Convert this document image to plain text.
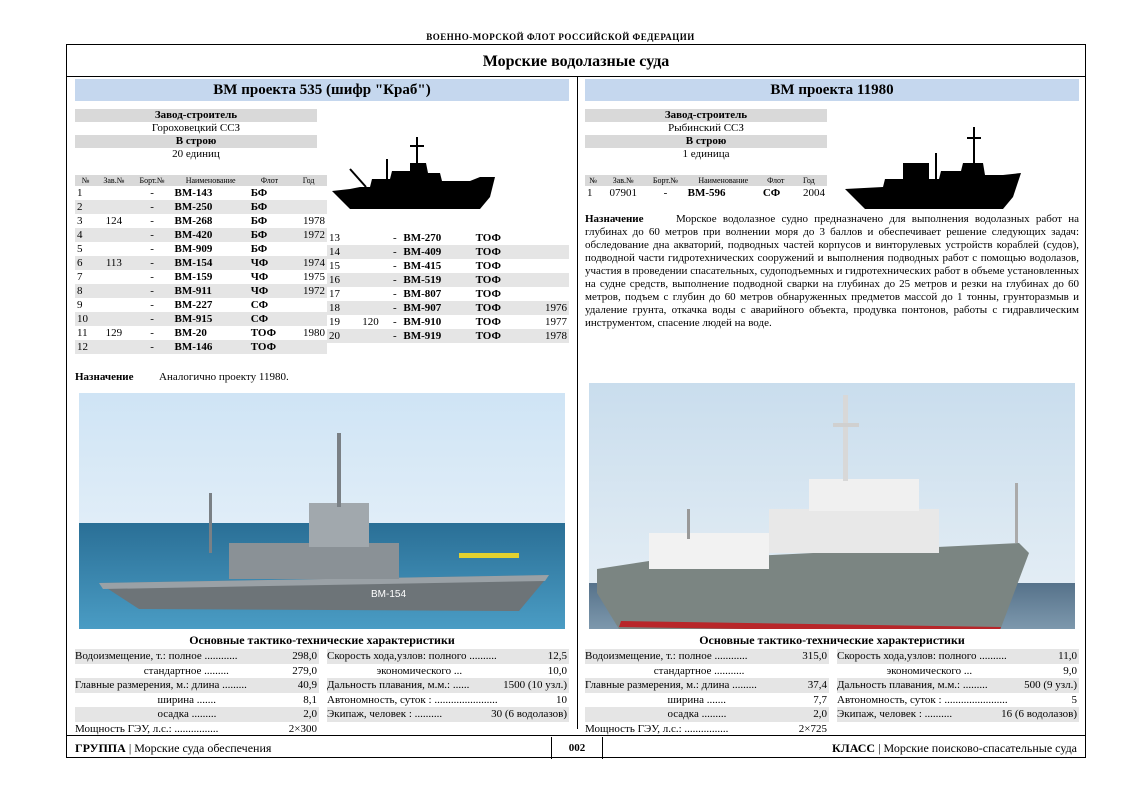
ВОЕННО-МОРСКОЙ ФЛОТ РОССИЙСКОЙ ФЕДЕРАЦИИ
Морские водолазные суда
ВМ проекта 535 (шифр "Краб")
Завод-строитель
Гороховецкий ССЗ
В строю
20 единиц
№	Зав.№	Борт.№	Наименование	Флот	Год
1		-	ВМ-143	БФ	
2		-	ВМ-250	БФ	
3	124	-	ВМ-268	БФ	1978
4		-	ВМ-420	БФ	1972
5		-	ВМ-909	БФ	
6	113	-	ВМ-154	ЧФ	1974
7		-	ВМ-159	ЧФ	1975
8		-	ВМ-911	ЧФ	1972
9		-	ВМ-227	СФ	
10		-	ВМ-915	СФ	
11	129	-	ВМ-20	ТОФ	1980
12		-	ВМ-146	ТОФ	
13		-	ВМ-270	ТОФ	
14		-	ВМ-409	ТОФ	
15		-	ВМ-415	ТОФ	
16		-	ВМ-519	ТОФ	
17		-	ВМ-807	ТОФ	
18		-	ВМ-907	ТОФ	1976
19	120	-	ВМ-910	ТОФ	1977
20		-	ВМ-919	ТОФ	1978
Назначение Аналогично проекту 11980.
ВМ-154
Основные тактико-технические характеристики
Водоизмещение, т.: полное ............	298,0
стандартное .........	279,0
Главные размерения, м.: длина .........	40,9
ширина .......	8,1
осадка .........	2,0
Мощность ГЭУ, л.с.: ................	2×300
Скорость хода,узлов: полного ..........	12,5
экономического ...	10,0
Дальность плавания, м.м.: ......	1500 (10 узл.)
Автономность, суток : .......................	10
Экипаж, человек : ..........	30 (6 водолазов)
ВМ проекта 11980
Завод-строитель
Рыбинский ССЗ
В строю
1 единица
№	Зав.№	Борт.№	Наименование	Флот	Год
1	07901	-	ВМ-596	СФ	2004
Назначение	Морское водолазное судно предназначено для выполнения водолазных работ на глубинах до 60 метров при волнении моря до 3 баллов и обеспечивает решение следующих задач: обследование дна акваторий, подводных частей корпусов и винторулевых устройств кораблей (судов), подводной части гидротехнических сооружений и выполнения подводных работ с помощью водолазов, участия в проведении спасательных, судоподъемных и гидротехнических работ в объеме установленных на судне средств, выполнение подводной сварки на глубинах до 25 метров и резки на глубинах до 60 метров, подъем с глубин до 60 метров обнаруженных предметов массой до 1 тонны, грунторазмыв и удаление грунта, откачка воды с аварийного объекта, продувка понтонов, работы с гидравлическим инструментом, спасение людей на воде.
Основные тактико-технические характеристики
Водоизмещение, т.: полное ............	315,0
стандартное ...........
Главные размерения, м.: длина .........	37,4
ширина .......	7,7
осадка .........	2,0
Мощность ГЭУ, л.с.: ................	2×725
Скорость хода,узлов: полного ..........	11,0
экономического ...	9,0
Дальность плавания, м.м.: .........	500 (9 узл.)
Автономность, суток : .......................	5
Экипаж, человек : ..........	16 (6 водолазов)
ГРУППА | Морские суда обеспечения	002	КЛАСС | Морские поисково-спасательные суда
